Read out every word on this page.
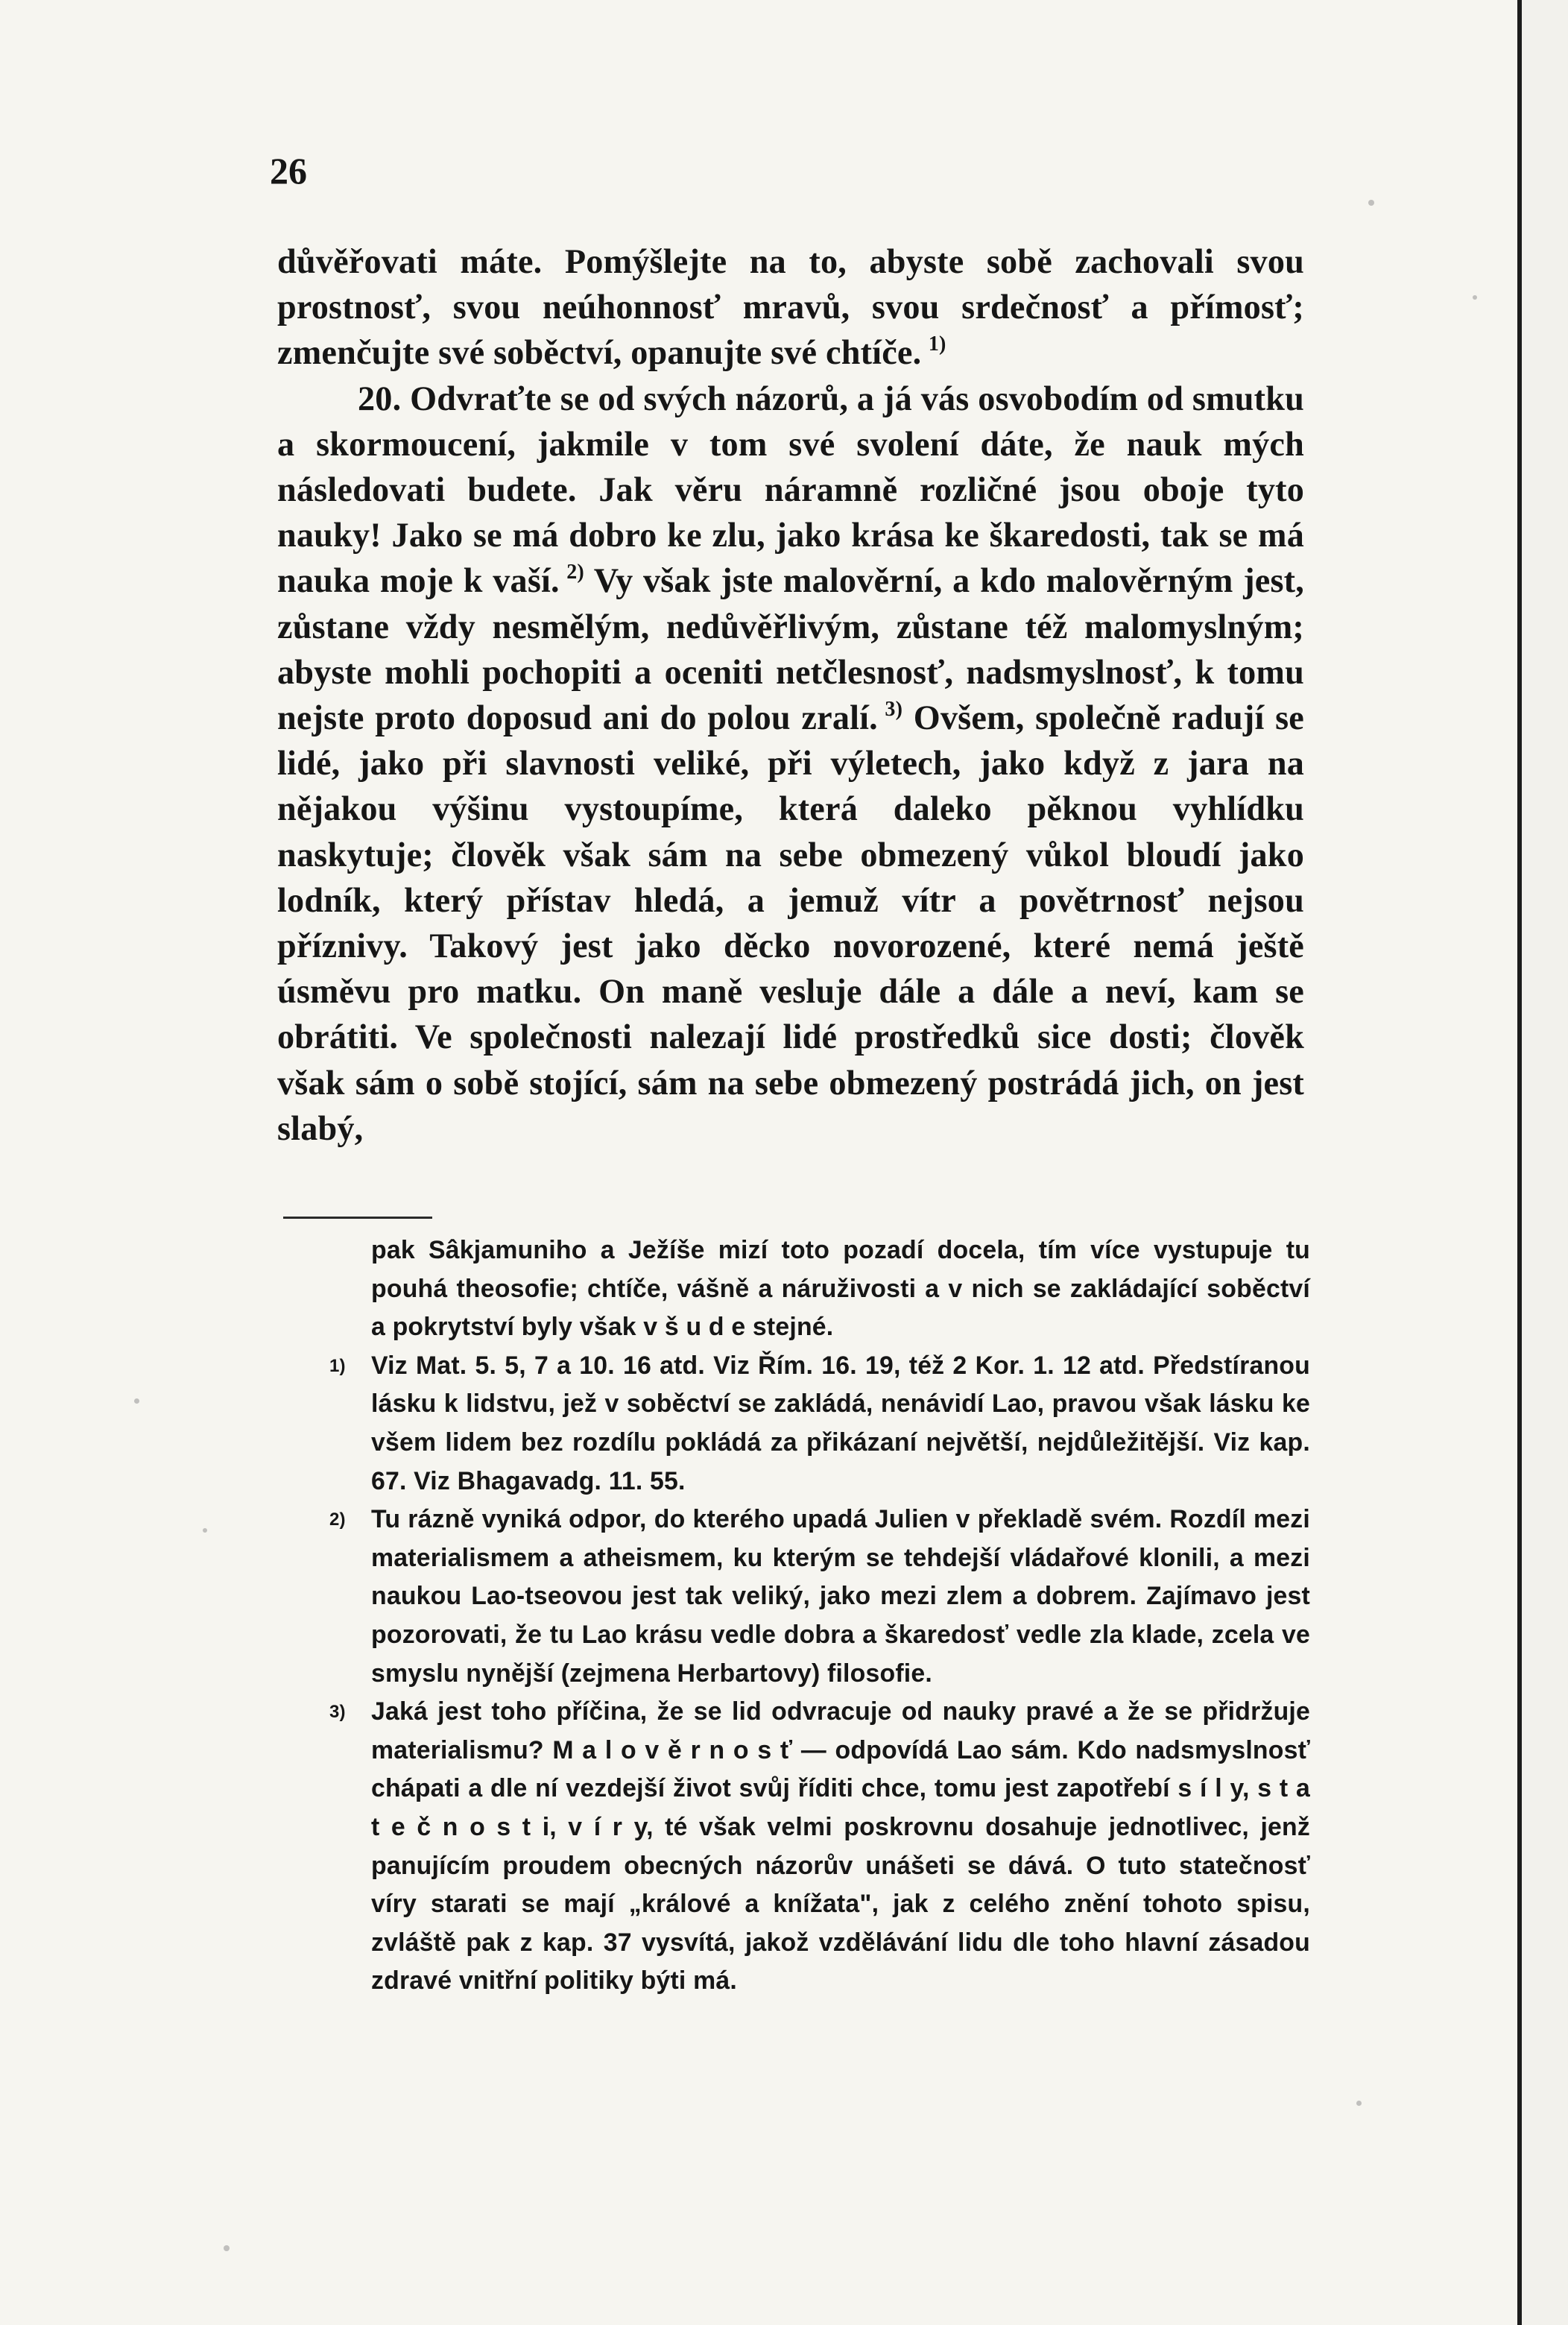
26

důvěřovati máte. Pomýšlejte na to, abyste sobě zachovali svou prostnosť, svou neúhonnosť mravů, svou srdečnosť a přímosť; zmenčujte své soběctví, opanujte své chtíče.  $^{1)}$

20. Odvraťte se od svých názorů, a já vás osvobodím od smutku a skormoucení, jakmile v tom své svolení dáte, že nauk mých následovati budete. Jak věru náramně rozličné jsou oboje tyto nauky! Jako se má dobro ke zlu, jako krása ke škaredosti, tak se má nauka moje k vaší.  $^{2)}$ Vy však jste malověrní, a kdo malověrným jest, zůstane vždy nesmělým, nedůvěřlivým, zůstane též malomyslným; abyste mohli pochopiti a oceniti netčlesnosť, nadsmyslnosť, k tomu nejste proto doposud ani do polou zralí.  $^{3)}$ Ovšem, společně radují se lidé, jako při slavnosti veliké, při výletech, jako když z jara na nějakou výšinu vystoupíme, která daleko pěknou vyhlídku naskytuje; člověk však sám na sebe obmezený vůkol bloudí jako lodník, který přístav hledá, a jemuž vítr a povětrnosť nejsou příznivy. Takový jest jako děcko novorozené, které nemá ještě úsměvu pro matku. On maně vesluje dále a dále a neví, kam se obrátiti. Ve společnosti nalezají lidé prostředků sice dosti; člověk však sám o sobě stojící, sám na sebe obmezený postrádá jich, on jest slabý,

pak Sâkjamuniho a Ježíše mizí toto pozadí docela, tím více vystupuje tu pouhá theosofie; chtíče, vášně a náruživosti a v nich se zakládající soběctví a pokrytství byly však v š u d e stejné.
1) Viz Mat. 5. 5, 7 a 10. 16 atd. Viz Řím. 16. 19, též 2 Kor. 1. 12 atd. Předstíranou lásku k lidstvu, jež v soběctví se zakládá, nenávidí Lao, pravou však lásku ke všem lidem bez rozdílu pokládá za přikázaní největší, nejdůležitější. Viz kap. 67. Viz Bhagavadg. 11. 55.
2) Tu rázně vyniká odpor, do kterého upadá Julien v překladě svém. Rozdíl mezi materialismem a atheismem, ku kterým se tehdejší vládařové klonili, a mezi naukou Lao-tseovou jest tak veliký, jako mezi zlem a dobrem. Zajímavo jest pozorovati, že tu Lao krásu vedle dobra a škaredosť vedle zla klade, zcela ve smyslu nynější (zejmena Herbartovy) filosofie.
3) Jaká jest toho příčina, že se lid odvracuje od nauky pravé a že se přidržuje materialismu? M a l o v ě r n o s ť — odpovídá Lao sám. Kdo nadsmyslnosť chápati a dle ní vezdejší život svůj říditi chce, tomu jest zapotřebí s í l y, s t a t e č n o s t i, v í r y, té však velmi poskrovnu dosahuje jednotlivec, jenž panujícím proudem obecných názorův unášeti se dává. O tuto statečnosť víry starati se mají „králové a knížata", jak z celého znění tohoto spisu, zvláště pak z kap. 37 vysvítá, jakož vzdělávání lidu dle toho hlavní zásadou zdravé vnitřní politiky býti má.
